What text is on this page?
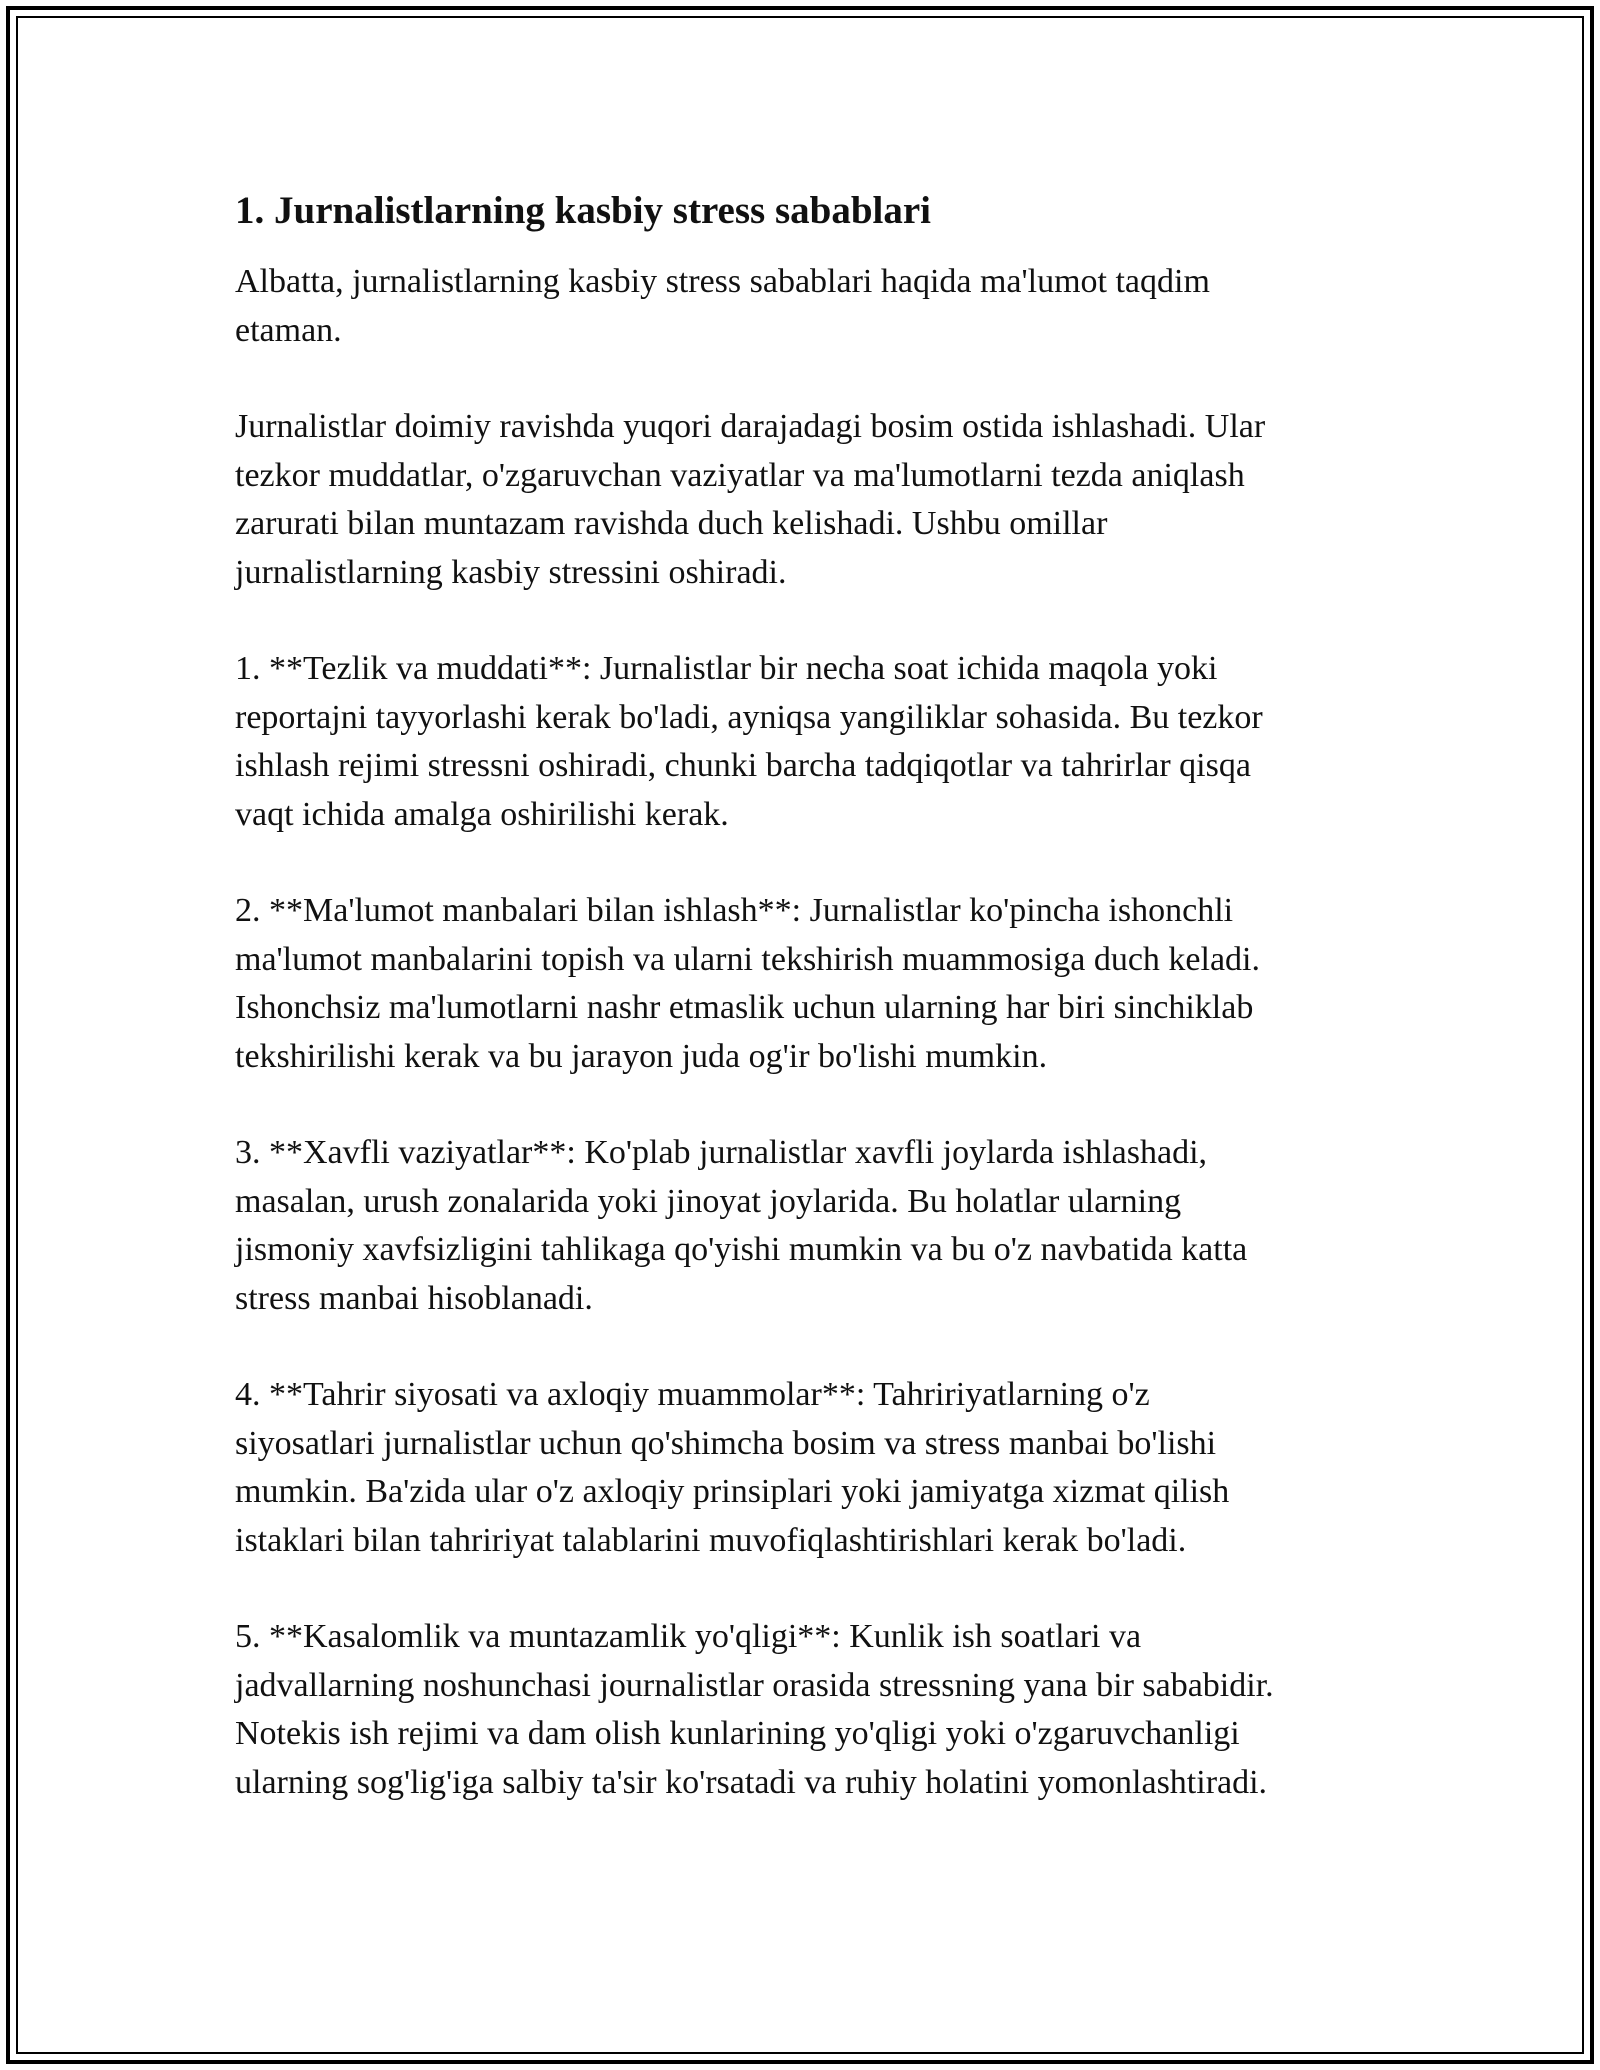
1. Jurnalistlarning kasbiy stress sabablari

Albatta, jurnalistlarning kasbiy stress sabablari haqida ma'lumot taqdim
etaman.

Jurnalistlar doimiy ravishda yuqori darajadagi bosim ostida ishlashadi. Ular
tezkor muddatlar, o'zgaruvchan vaziyatlar va ma'lumotlarni tezda aniqlash
zarurati bilan muntazam ravishda duch kelishadi. Ushbu omillar
jurnalistlarning kasbiy stressini oshiradi.

1. **Tezlik va muddati**: Jurnalistlar bir necha soat ichida maqola yoki
reportajni tayyorlashi kerak bo'ladi, ayniqsa yangiliklar sohasida. Bu tezkor
ishlash rejimi stressni oshiradi, chunki barcha tadqiqotlar va tahrirlar qisqa
vaqt ichida amalga oshirilishi kerak.

2. **Ma'lumot manbalari bilan ishlash**: Jurnalistlar ko'pincha ishonchli
ma'lumot manbalarini topish va ularni tekshirish muammosiga duch keladi.
Ishonchsiz ma'lumotlarni nashr etmaslik uchun ularning har biri sinchiklab
tekshirilishi kerak va bu jarayon juda og'ir bo'lishi mumkin.

3. **Xavfli vaziyatlar**: Ko'plab jurnalistlar xavfli joylarda ishlashadi,
masalan, urush zonalarida yoki jinoyat joylarida. Bu holatlar ularning
jismoniy xavfsizligini tahlikaga qo'yishi mumkin va bu o'z navbatida katta
stress manbai hisoblanadi.

4. **Tahrir siyosati va axloqiy muammolar**: Tahririyatlarning o'z
siyosatlari jurnalistlar uchun qo'shimcha bosim va stress manbai bo'lishi
mumkin. Ba'zida ular o'z axloqiy prinsiplari yoki jamiyatga xizmat qilish
istaklari bilan tahririyat talablarini muvofiqlashtirishlari kerak bo'ladi.

5. **Kasalomlik va muntazamlik yo'qligi**: Kunlik ish soatlari va
jadvallarning noshunchasi journalistlar orasida stressning yana bir sababidir.
Notekis ish rejimi va dam olish kunlarining yo'qligi yoki o'zgaruvchanligi
ularning sog'lig'iga salbiy ta'sir ko'rsatadi va ruhiy holatini yomonlashtiradi.
